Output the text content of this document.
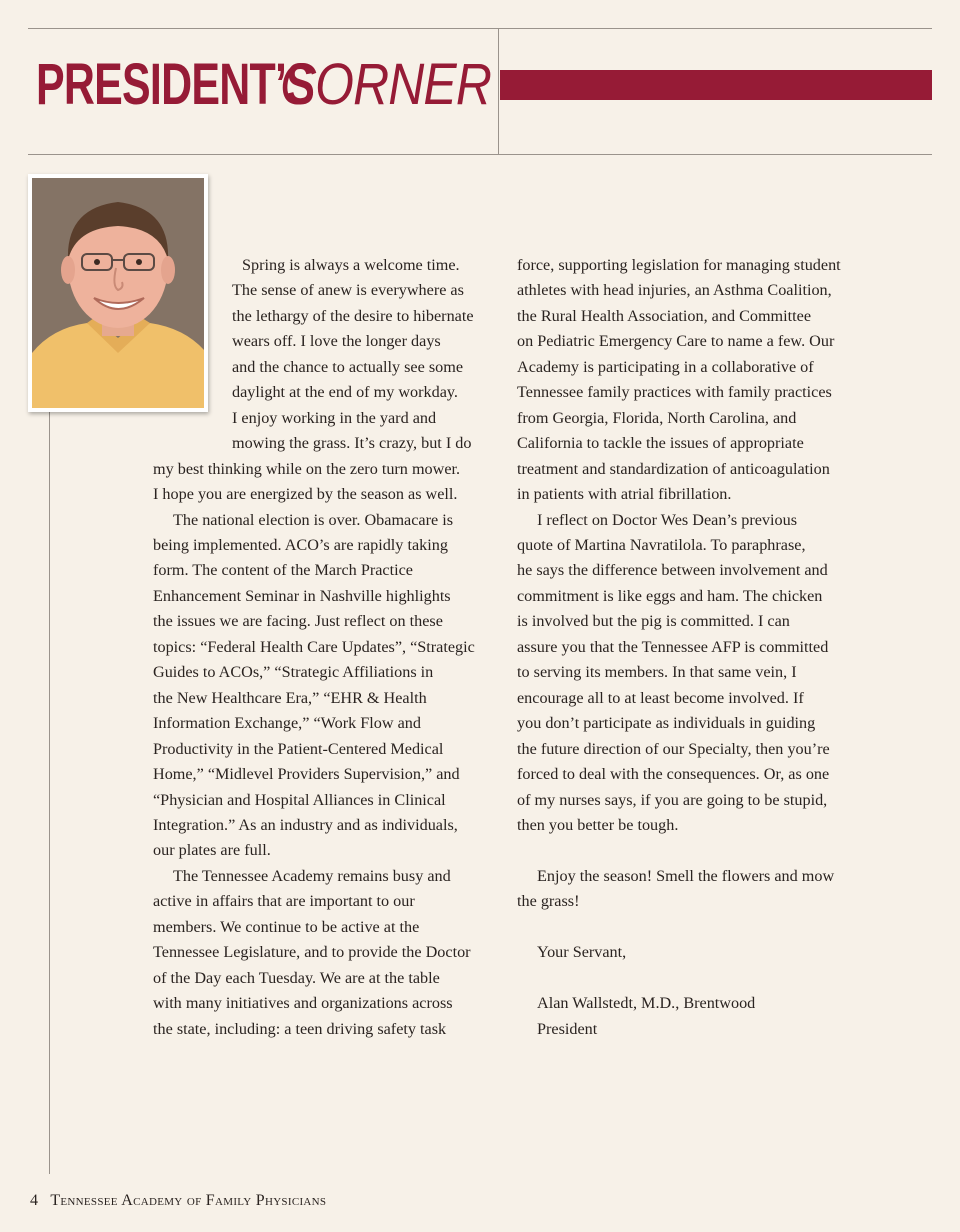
PRESIDENT’S
CORNER

Spring is always a welcome time.

The sense of anew is everywhere as

the lethargy of the desire to hibernate

wears off. I love the longer days

and the chance to actually see some

daylight at the end of my workday.

I enjoy working in the yard and

mowing the grass. It’s crazy, but I do

my best thinking while on the zero turn mower.

I hope you are energized by the season as well.

The national election is over. Obamacare is

being implemented. ACO’s are rapidly taking

form. The content of the March Practice

Enhancement Seminar in Nashville highlights

the issues we are facing. Just reflect on these

topics: “Federal Health Care Updates”, “Strategic

Guides to ACOs,” “Strategic Affiliations in

the New Healthcare Era,” “EHR & Health

Information Exchange,” “Work Flow and

Productivity in the Patient-Centered Medical

Home,” “Midlevel Providers Supervision,” and

“Physician and Hospital Alliances in Clinical

Integration.” As an industry and as individuals,

our plates are full.

The Tennessee Academy remains busy and

active in affairs that are important to our

members. We continue to be active at the

Tennessee Legislature, and to provide the Doctor

of the Day each Tuesday. We are at the table

with many initiatives and organizations across

the state, including: a teen driving safety task

force, supporting legislation for managing student

athletes with head injuries, an Asthma Coalition,

the Rural Health Association, and Committee

on Pediatric Emergency Care to name a few. Our

Academy is participating in a collaborative of

Tennessee family practices with family practices

from Georgia, Florida, North Carolina, and

California to tackle the issues of appropriate

treatment and standardization of anticoagulation

in patients with atrial fibrillation.

I reflect on Doctor Wes Dean’s previous

quote of Martina Navratilola. To paraphrase,

he says the difference between involvement and

commitment is like eggs and ham. The chicken

is involved but the pig is committed. I can

assure you that the Tennessee AFP is committed

to serving its members. In that same vein, I

encourage all to at least become involved. If

you don’t participate as individuals in guiding

the future direction of our Specialty, then you’re

forced to deal with the consequences. Or, as one

of my nurses says, if you are going to be stupid,

then you better be tough.

Enjoy the season! Smell the flowers and mow

the grass!

Your Servant,

Alan Wallstedt, M.D., Brentwood

President

4 Tennessee Academy of Family Physicians
